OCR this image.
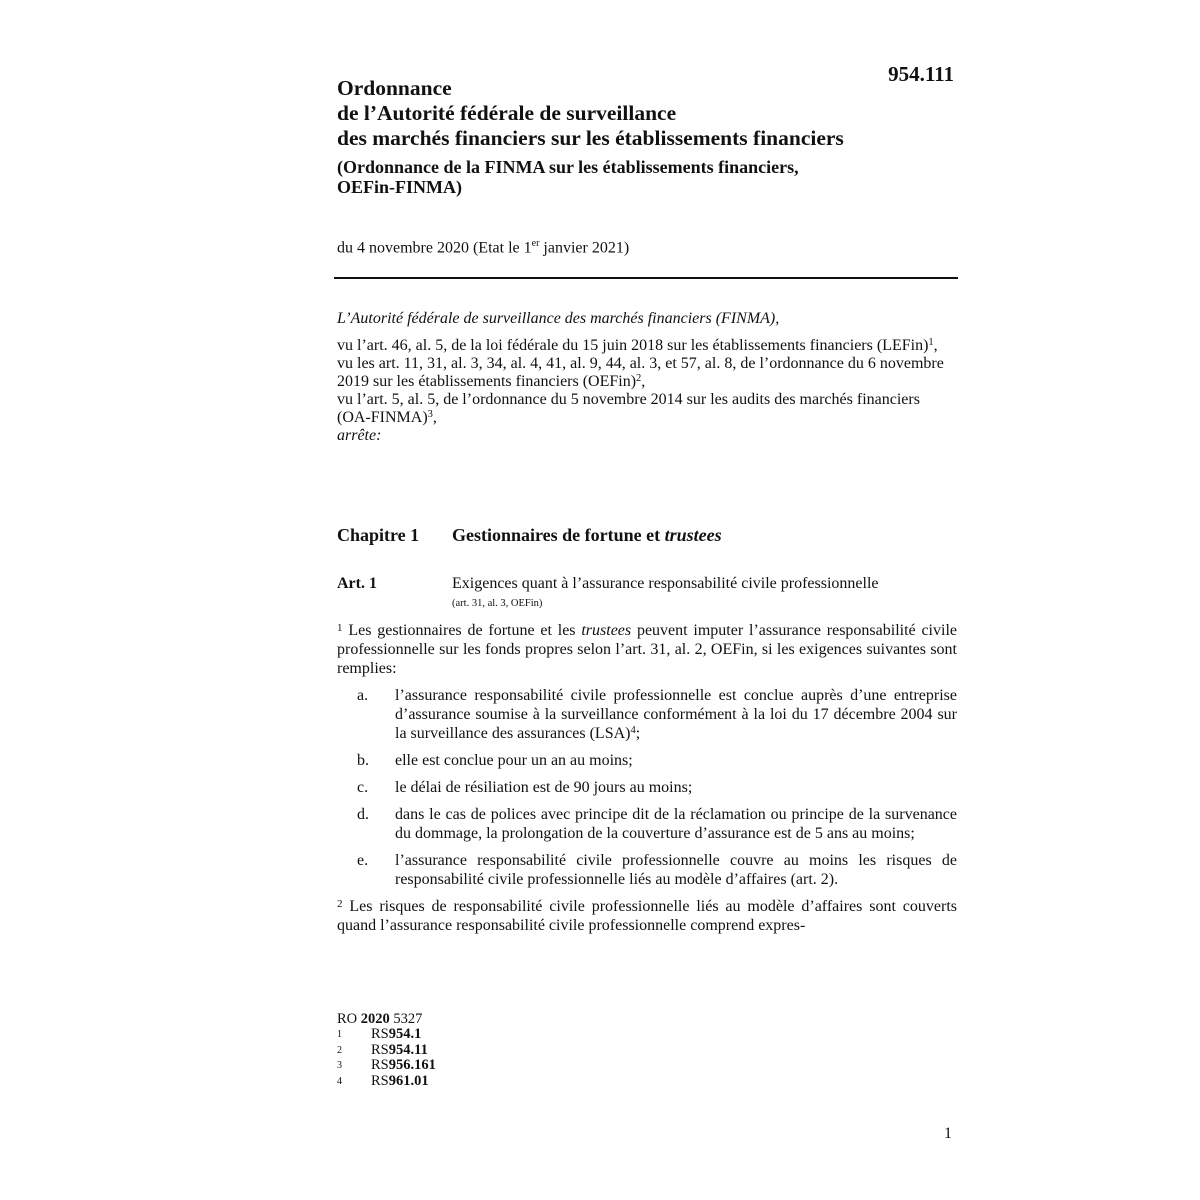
954.111
Ordonnance
de l’Autorité fédérale de surveillance
des marchés financiers sur les établissements financiers
(Ordonnance de la FINMA sur les établissements financiers,
OEFin-FINMA)
du 4 novembre 2020 (Etat le 1er janvier 2021)
L’Autorité fédérale de surveillance des marchés financiers (FINMA),
vu l’art. 46, al. 5, de la loi fédérale du 15 juin 2018 sur les établissements financiers (LEFin)$^1$,
vu les art. 11, 31, al. 3, 34, al. 4, 41, al. 9, 44, al. 3, et 57, al. 8, de l’ordonnance du 6 novembre 2019 sur les établissements financiers (OEFin)$^2$,
vu l’art. 5, al. 5, de l’ordonnance du 5 novembre 2014 sur les audits des marchés financiers (OA-FINMA)$^3$,
arrête:
Chapitre 1 Gestionnaires de fortune et trustees
Art. 1	Exigences quant à l’assurance responsabilité civile professionnelle
(art. 31, al. 3, OEFin)

$^1$ Les gestionnaires de fortune et les trustees peuvent imputer l’assurance responsabilité civile professionnelle sur les fonds propres selon l’art. 31, al. 2, OEFin, si les exigences suivantes sont remplies:

a.	l’assurance responsabilité civile professionnelle est conclue auprès d’une entreprise d’assurance soumise à la surveillance conformément à la loi du 17 décembre 2004 sur la surveillance des assurances (LSA)$^4$;
b.	elle est conclue pour un an au moins;
c.	le délai de résiliation est de 90 jours au moins;
d.	dans le cas de polices avec principe dit de la réclamation ou principe de la survenance du dommage, la prolongation de la couverture d’assurance est de 5 ans au moins;
e.	l’assurance responsabilité civile professionnelle couvre au moins les risques de responsabilité civile professionnelle liés au modèle d’affaires (art. 2).

$^2$ Les risques de responsabilité civile professionnelle liés au modèle d’affaires sont couverts quand l’assurance responsabilité civile professionnelle comprend expres-

RO 2020 5327
1	RS 954.1
2	RS 954.11
3	RS 956.161
4	RS 961.01
1
